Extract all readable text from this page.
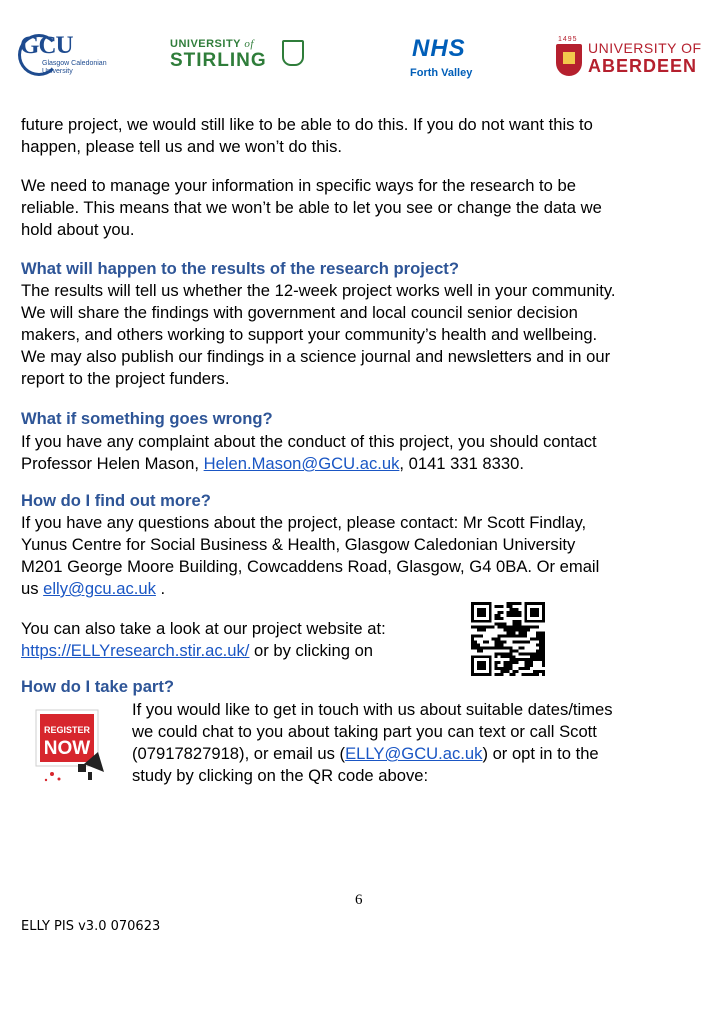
GCU
Glasgow Caledonian
University
UNIVERSITY of
STIRLING	NHS
Forth Valley
1495
UNIVERSITY OF
ABERDEEN

future project, we would still like to be able to do this. If you do not want this to
happen, please tell us and we won’t do this.

We need to manage your information in specific ways for the research to be
reliable. This means that we won’t be able to let you see or change the data we
hold about you.

What will happen to the results of the research project?

The results will tell us whether the 12-week project works well in your community.
We will share the findings with government and local council senior decision
makers, and others working to support your community’s health and wellbeing.
We may also publish our findings in a science journal and newsletters and in our
report to the project funders.

What if something goes wrong?

If you have any complaint about the conduct of this project, you should contact
Professor Helen Mason, Helen.Mason@GCU.ac.uk, 0141 331 8330.

How do I find out more?

If you have any questions about the project, please contact: Mr Scott Findlay,
Yunus Centre for Social Business & Health, Glasgow Caledonian University
M201 George Moore Building, Cowcaddens Road, Glasgow, G4 0BA. Or email
us elly@gcu.ac.uk .

You can also take a look at our project website at:
https://ELLYresearch.stir.ac.uk/ or by clicking on

How do I take part?

REGISTER
NOW

If you would like to get in touch with us about suitable dates/times
we could chat to you about taking part you can text or call Scott
(07917827918), or email us (ELLY@GCU.ac.uk) or opt in to the
study by clicking on the QR code above:

6
ELLY PIS v3.0 070623
